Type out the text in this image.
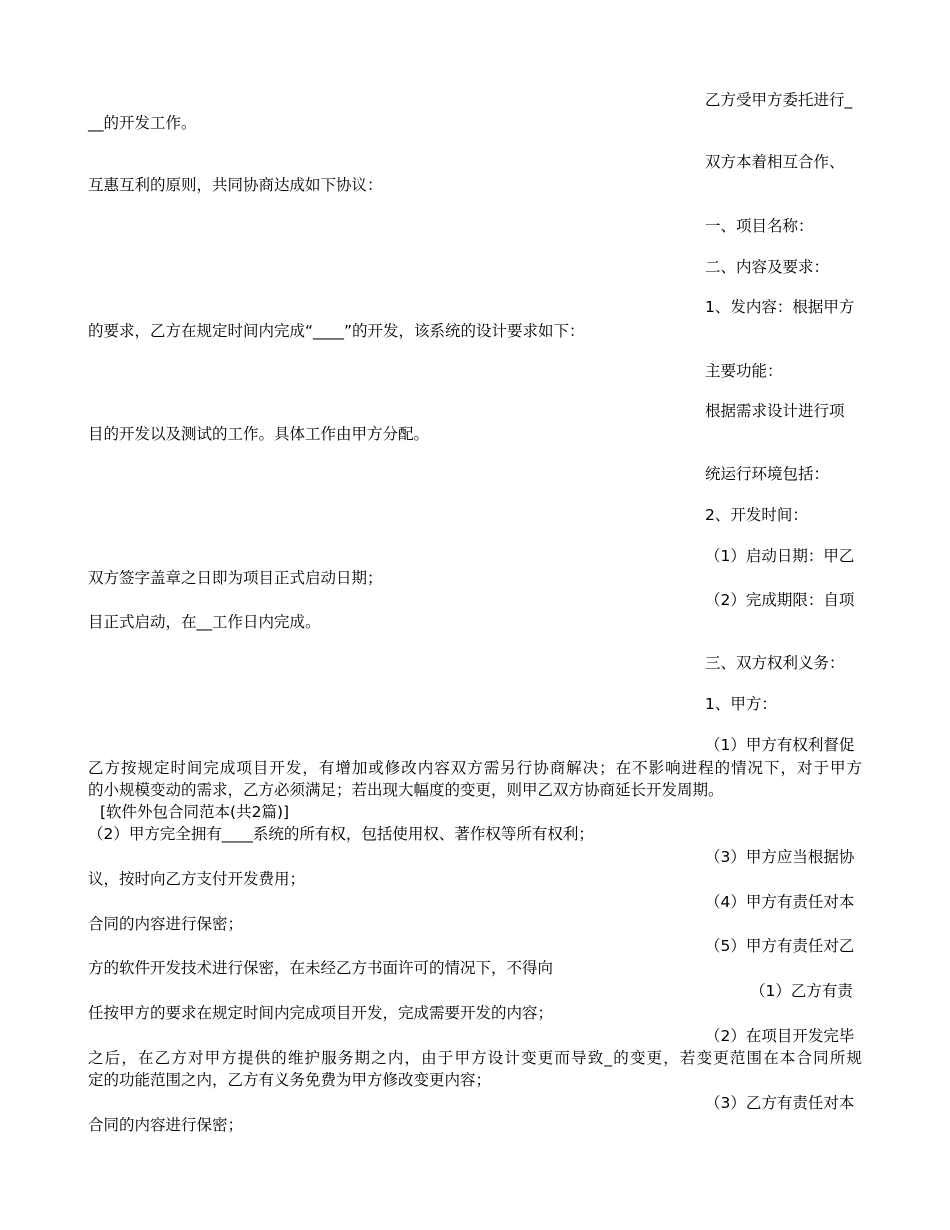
乙方受甲方委托进行_
__的开发工作。
双方本着相互合作、
互惠互利的原则，共同协商达成如下协议：
一、项目名称：
二、内容及要求：
1、发内容：根据甲方
的要求，乙方在规定时间内完成“____”的开发，该系统的设计要求如下：
主要功能：
根据需求设计进行项
目的开发以及测试的工作。具体工作由甲方分配。
统运行环境包括：
2、开发时间：
（1）启动日期：甲乙
双方签字盖章之日即为项目正式启动日期；
（2）完成期限：自项
目正式启动，在__工作日内完成。
三、双方权利义务：
1、甲方：
（1）甲方有权利督促
乙方按规定时间完成项目开发，有增加或修改内容双方需另行协商解决；在不影响进程的情况下，对于甲方
的小规模变动的需求，乙方必须满足；若出现大幅度的变更，则甲乙双方协商延长开发周期。
[软件外包合同范本(共2篇)]
（2）甲方完全拥有____系统的所有权，包括使用权、著作权等所有权利；
（3）甲方应当根据协
议，按时向乙方支付开发费用；
（4）甲方有责任对本
合同的内容进行保密；
（5）甲方有责任对乙
方的软件开发技术进行保密，在未经乙方书面许可的情况下，不得向
（1）乙方有责
任按甲方的要求在规定时间内完成项目开发，完成需要开发的内容；
（2）在项目开发完毕
之后，在乙方对甲方提供的维护服务期之内，由于甲方设计变更而导致_的变更，若变更范围在本合同所规
定的功能范围之内，乙方有义务免费为甲方修改变更内容；
（3）乙方有责任对本
合同的内容进行保密；
